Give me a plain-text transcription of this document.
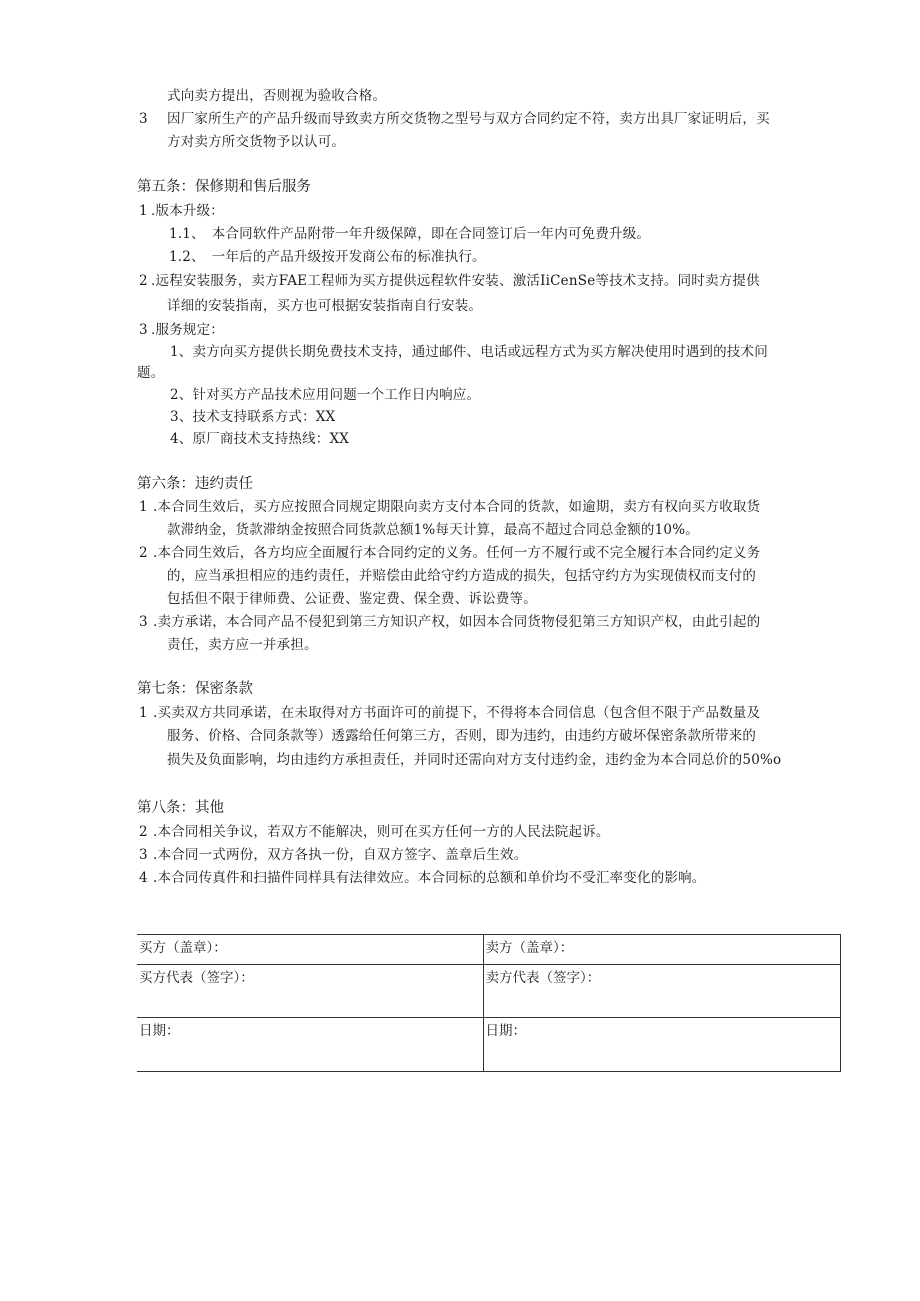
式向卖方提出，否则视为验收合格。
3 因厂家所生产的产品升级而导致卖方所交货物之型号与双方合同约定不符，卖方出具厂家证明后，买
方对卖方所交货物予以认可。
第五条：保修期和售后服务
1 .版本升级：
1.1、　本合同软件产品附带一年升级保障，即在合同签订后一年内可免费升级。
1.2、　一年后的产品升级按开发商公布的标准执行。
2 .远程安装服务，卖方FAE工程师为买方提供远程软件安装、激活IiCenSe等技术支持。同时卖方提供
详细的安装指南，买方也可根据安装指南自行安装。
3 .服务规定：
1、卖方向买方提供长期免费技术支持，通过邮件、电话或远程方式为买方解决使用时遇到的技术问
题。
2、针对买方产品技术应用问题一个工作日内响应。
3、技术支持联系方式：XX
4、原厂商技术支持热线：XX
第六条：违约责任
1 .本合同生效后，买方应按照合同规定期限向卖方支付本合同的货款，如逾期，卖方有权向买方收取货
款滞纳金，货款滞纳金按照合同货款总额1%每天计算，最高不超过合同总金额的10%。
2 .本合同生效后，各方均应全面履行本合同约定的义务。任何一方不履行或不完全履行本合同约定义务
的，应当承担相应的违约责任，并赔偿由此给守约方造成的损失，包括守约方为实现债权而支付的
包括但不限于律师费、公证费、鉴定费、保全费、诉讼费等。
3 .卖方承诺，本合同产品不侵犯到第三方知识产权，如因本合同货物侵犯第三方知识产权，由此引起的
责任，卖方应一并承担。
第七条：保密条款
1 .买卖双方共同承诺，在未取得对方书面许可的前提下，不得将本合同信息（包含但不限于产品数量及
服务、价格、合同条款等）透露给任何第三方，否则，即为违约，由违约方破坏保密条款所带来的
损失及负面影响，均由违约方承担责任，并同时还需向对方支付违约金，违约金为本合同总价的50%o
第八条：其他
2 .本合同相关争议，若双方不能解决，则可在买方任何一方的人民法院起诉。
3 .本合同一式两份，双方各执一份，自双方签字、盖章后生效。
4 .本合同传真件和扫描件同样具有法律效应。本合同标的总额和单价均不受汇率变化的影响。
买方（盖章）：	卖方（盖章）：
买方代表（签字）：	卖方代表（签字）：
日期：	日期：
